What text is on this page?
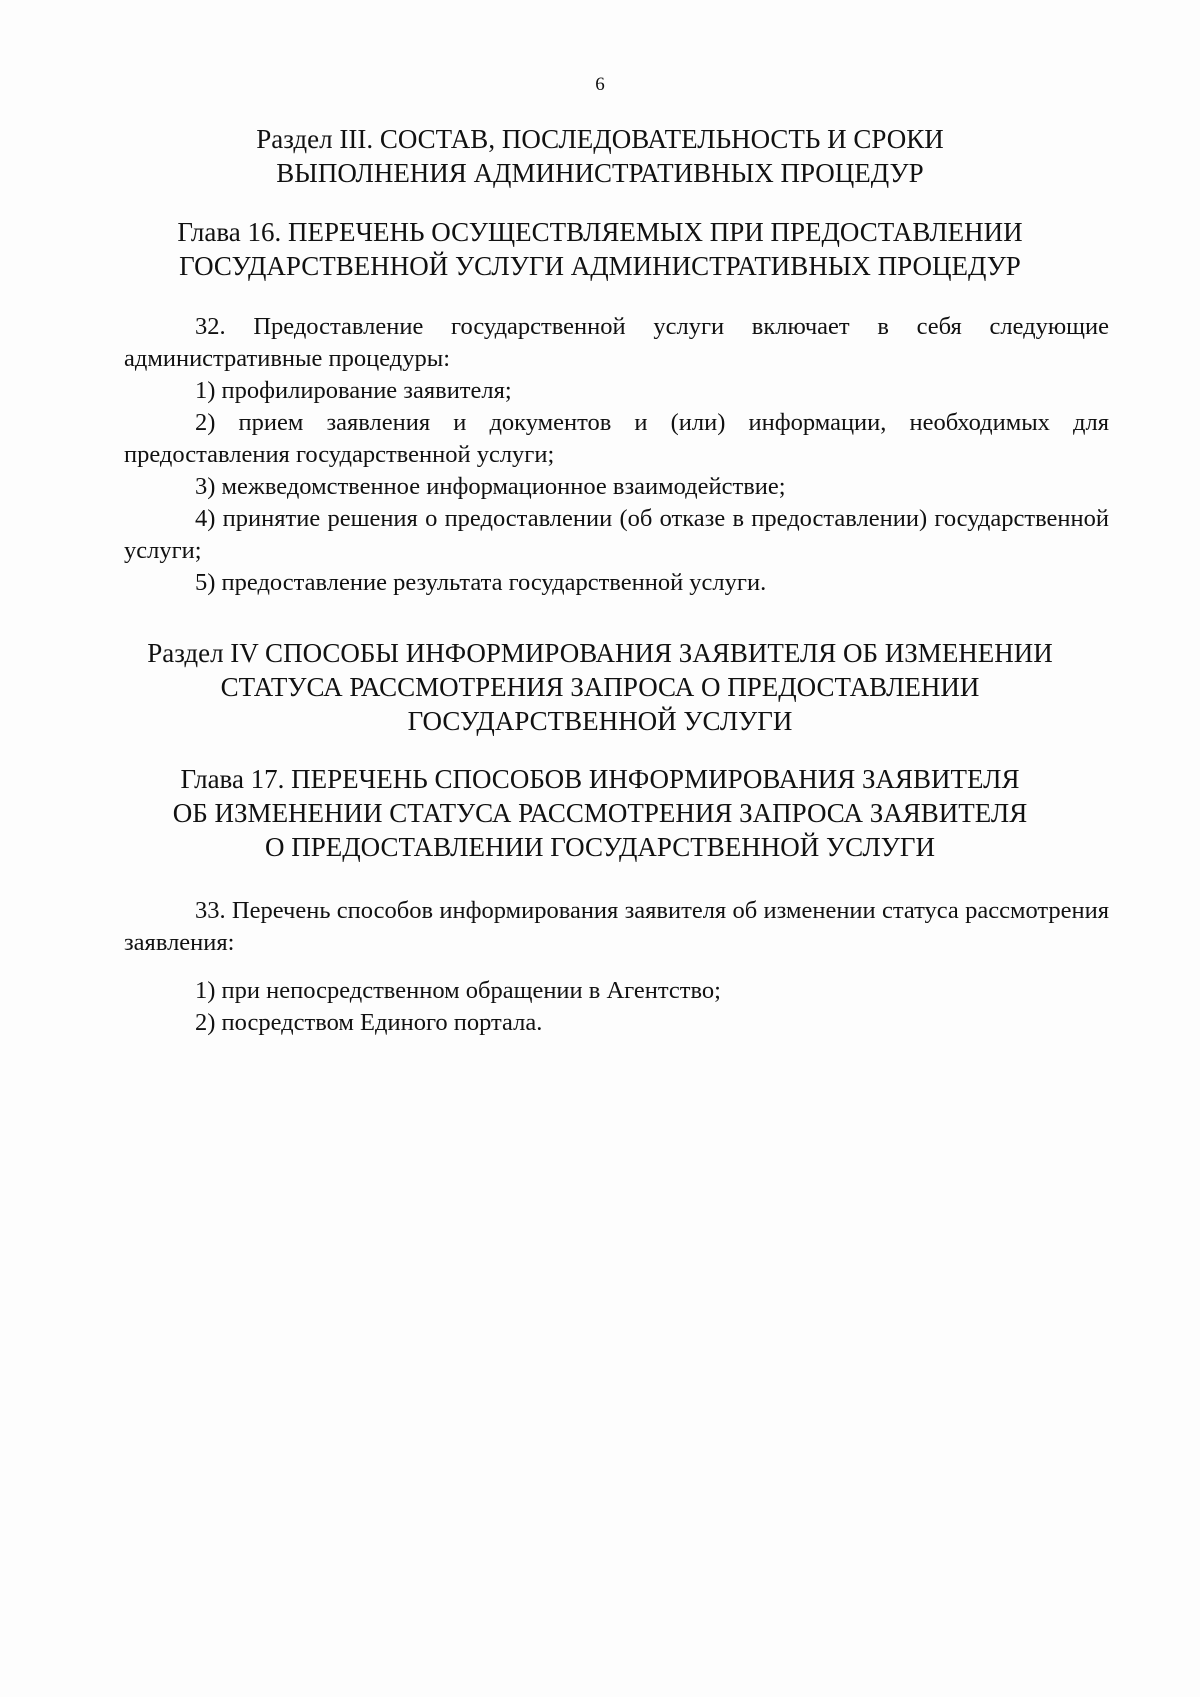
6
Раздел III. СОСТАВ, ПОСЛЕДОВАТЕЛЬНОСТЬ И СРОКИ
ВЫПОЛНЕНИЯ АДМИНИСТРАТИВНЫХ ПРОЦЕДУР
Глава 16. ПЕРЕЧЕНЬ ОСУЩЕСТВЛЯЕМЫХ ПРИ ПРЕДОСТАВЛЕНИИ
ГОСУДАРСТВЕННОЙ УСЛУГИ АДМИНИСТРАТИВНЫХ ПРОЦЕДУР

32. Предоставление государственной услуги включает в себя следующие административные процедуры:

1) профилирование заявителя;

2) прием заявления и документов и (или) информации, необходимых для предоставления государственной услуги;

3) межведомственное информационное взаимодействие;

4) принятие решения о предоставлении (об отказе в предоставлении) государственной услуги;

5) предоставление результата государственной услуги.

Раздел IV СПОСОБЫ ИНФОРМИРОВАНИЯ ЗАЯВИТЕЛЯ ОБ ИЗМЕНЕНИИ
СТАТУСА РАССМОТРЕНИЯ ЗАПРОСА О ПРЕДОСТАВЛЕНИИ
ГОСУДАРСТВЕННОЙ УСЛУГИ
Глава 17. ПЕРЕЧЕНЬ СПОСОБОВ ИНФОРМИРОВАНИЯ ЗАЯВИТЕЛЯ
ОБ ИЗМЕНЕНИИ СТАТУСА РАССМОТРЕНИЯ ЗАПРОСА ЗАЯВИТЕЛЯ
О ПРЕДОСТАВЛЕНИИ ГОСУДАРСТВЕННОЙ УСЛУГИ

33. Перечень способов информирования заявителя об изменении статуса рассмотрения заявления:

1) при непосредственном обращении в Агентство;

2) посредством Единого портала.
